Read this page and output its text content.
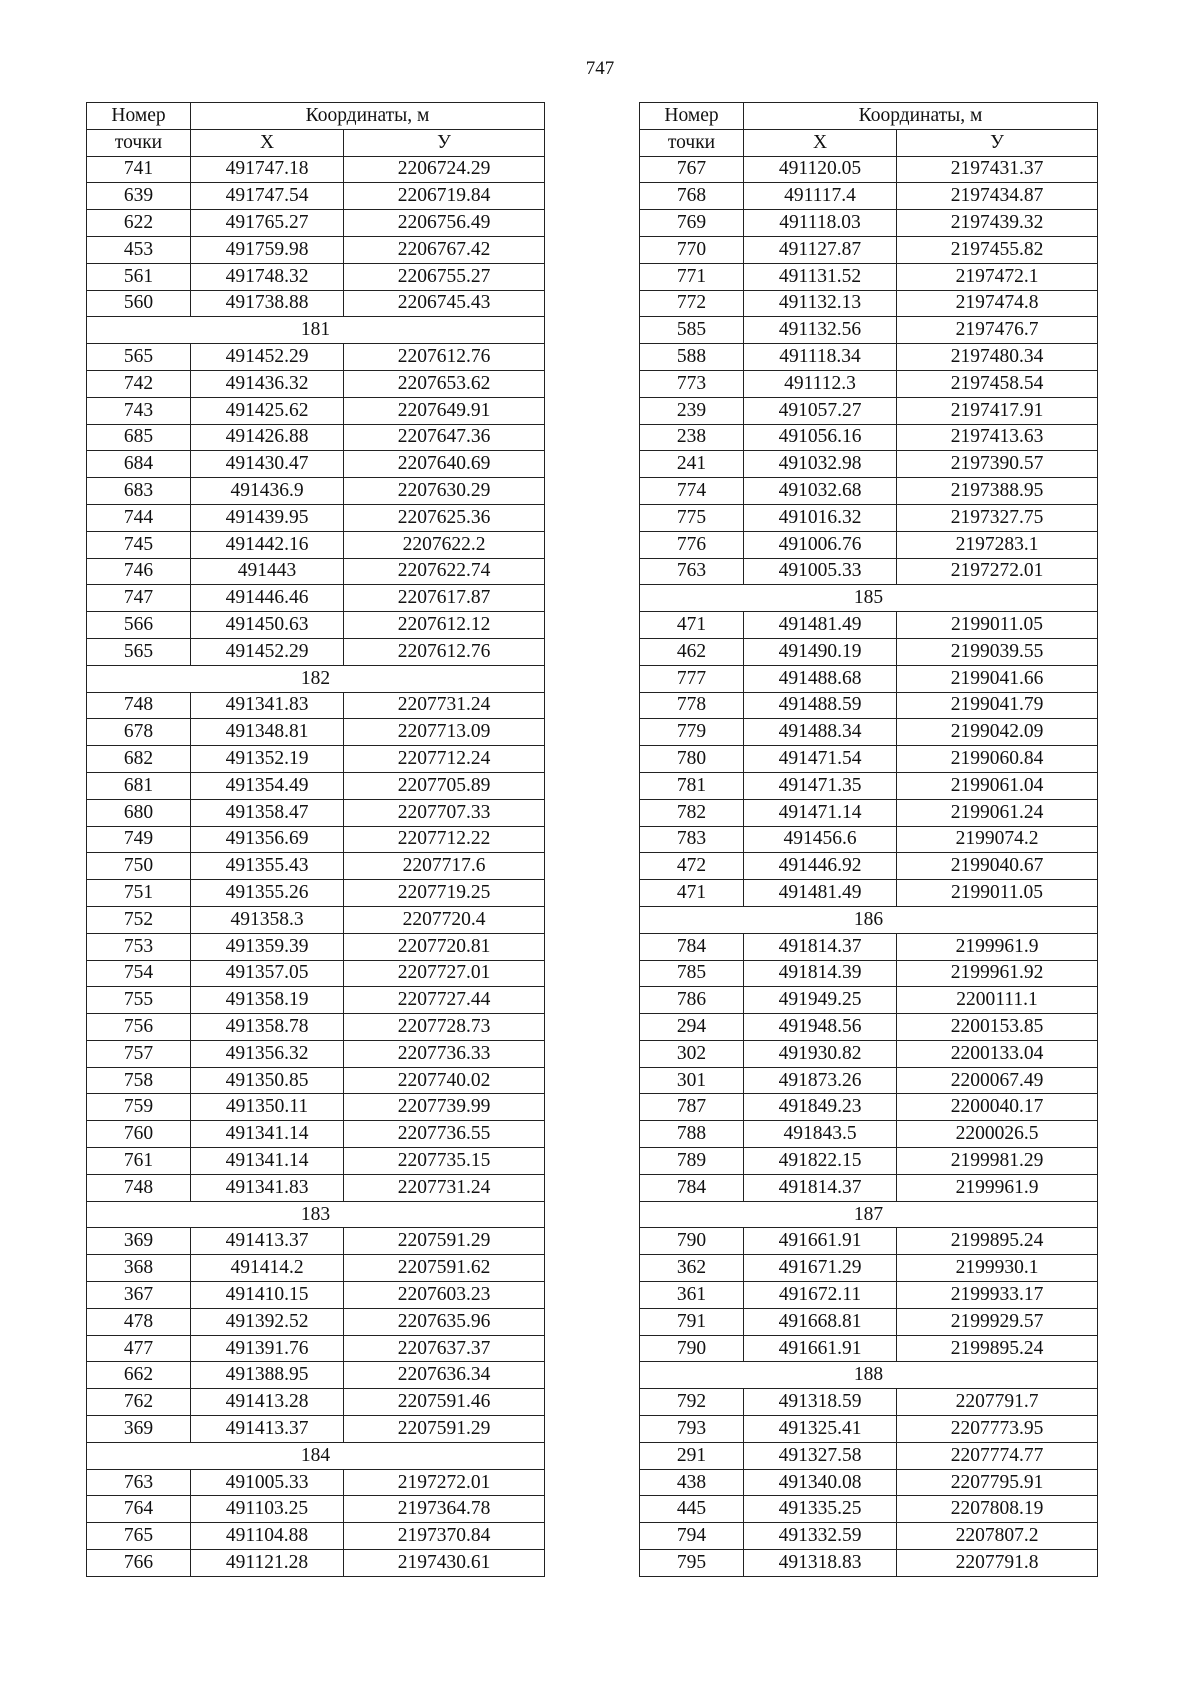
747
Номер	Координаты, м	
точки	Х	У
741	491747.18	2206724.29
639	491747.54	2206719.84
622	491765.27	2206756.49
453	491759.98	2206767.42
561	491748.32	2206755.27
560	491738.88	2206745.43
181		
565	491452.29	2207612.76
742	491436.32	2207653.62
743	491425.62	2207649.91
685	491426.88	2207647.36
684	491430.47	2207640.69
683	491436.9	2207630.29
744	491439.95	2207625.36
745	491442.16	2207622.2
746	491443	2207622.74
747	491446.46	2207617.87
566	491450.63	2207612.12
565	491452.29	2207612.76
182		
748	491341.83	2207731.24
678	491348.81	2207713.09
682	491352.19	2207712.24
681	491354.49	2207705.89
680	491358.47	2207707.33
749	491356.69	2207712.22
750	491355.43	2207717.6
751	491355.26	2207719.25
752	491358.3	2207720.4
753	491359.39	2207720.81
754	491357.05	2207727.01
755	491358.19	2207727.44
756	491358.78	2207728.73
757	491356.32	2207736.33
758	491350.85	2207740.02
759	491350.11	2207739.99
760	491341.14	2207736.55
761	491341.14	2207735.15
748	491341.83	2207731.24
183		
369	491413.37	2207591.29
368	491414.2	2207591.62
367	491410.15	2207603.23
478	491392.52	2207635.96
477	491391.76	2207637.37
662	491388.95	2207636.34
762	491413.28	2207591.46
369	491413.37	2207591.29
184		
763	491005.33	2197272.01
764	491103.25	2197364.78
765	491104.88	2197370.84
766	491121.28	2197430.61
Номер	Координаты, м	
точки	Х	У
767	491120.05	2197431.37
768	491117.4	2197434.87
769	491118.03	2197439.32
770	491127.87	2197455.82
771	491131.52	2197472.1
772	491132.13	2197474.8
585	491132.56	2197476.7
588	491118.34	2197480.34
773	491112.3	2197458.54
239	491057.27	2197417.91
238	491056.16	2197413.63
241	491032.98	2197390.57
774	491032.68	2197388.95
775	491016.32	2197327.75
776	491006.76	2197283.1
763	491005.33	2197272.01
185		
471	491481.49	2199011.05
462	491490.19	2199039.55
777	491488.68	2199041.66
778	491488.59	2199041.79
779	491488.34	2199042.09
780	491471.54	2199060.84
781	491471.35	2199061.04
782	491471.14	2199061.24
783	491456.6	2199074.2
472	491446.92	2199040.67
471	491481.49	2199011.05
186		
784	491814.37	2199961.9
785	491814.39	2199961.92
786	491949.25	2200111.1
294	491948.56	2200153.85
302	491930.82	2200133.04
301	491873.26	2200067.49
787	491849.23	2200040.17
788	491843.5	2200026.5
789	491822.15	2199981.29
784	491814.37	2199961.9
187		
790	491661.91	2199895.24
362	491671.29	2199930.1
361	491672.11	2199933.17
791	491668.81	2199929.57
790	491661.91	2199895.24
188		
792	491318.59	2207791.7
793	491325.41	2207773.95
291	491327.58	2207774.77
438	491340.08	2207795.91
445	491335.25	2207808.19
794	491332.59	2207807.2
795	491318.83	2207791.8
